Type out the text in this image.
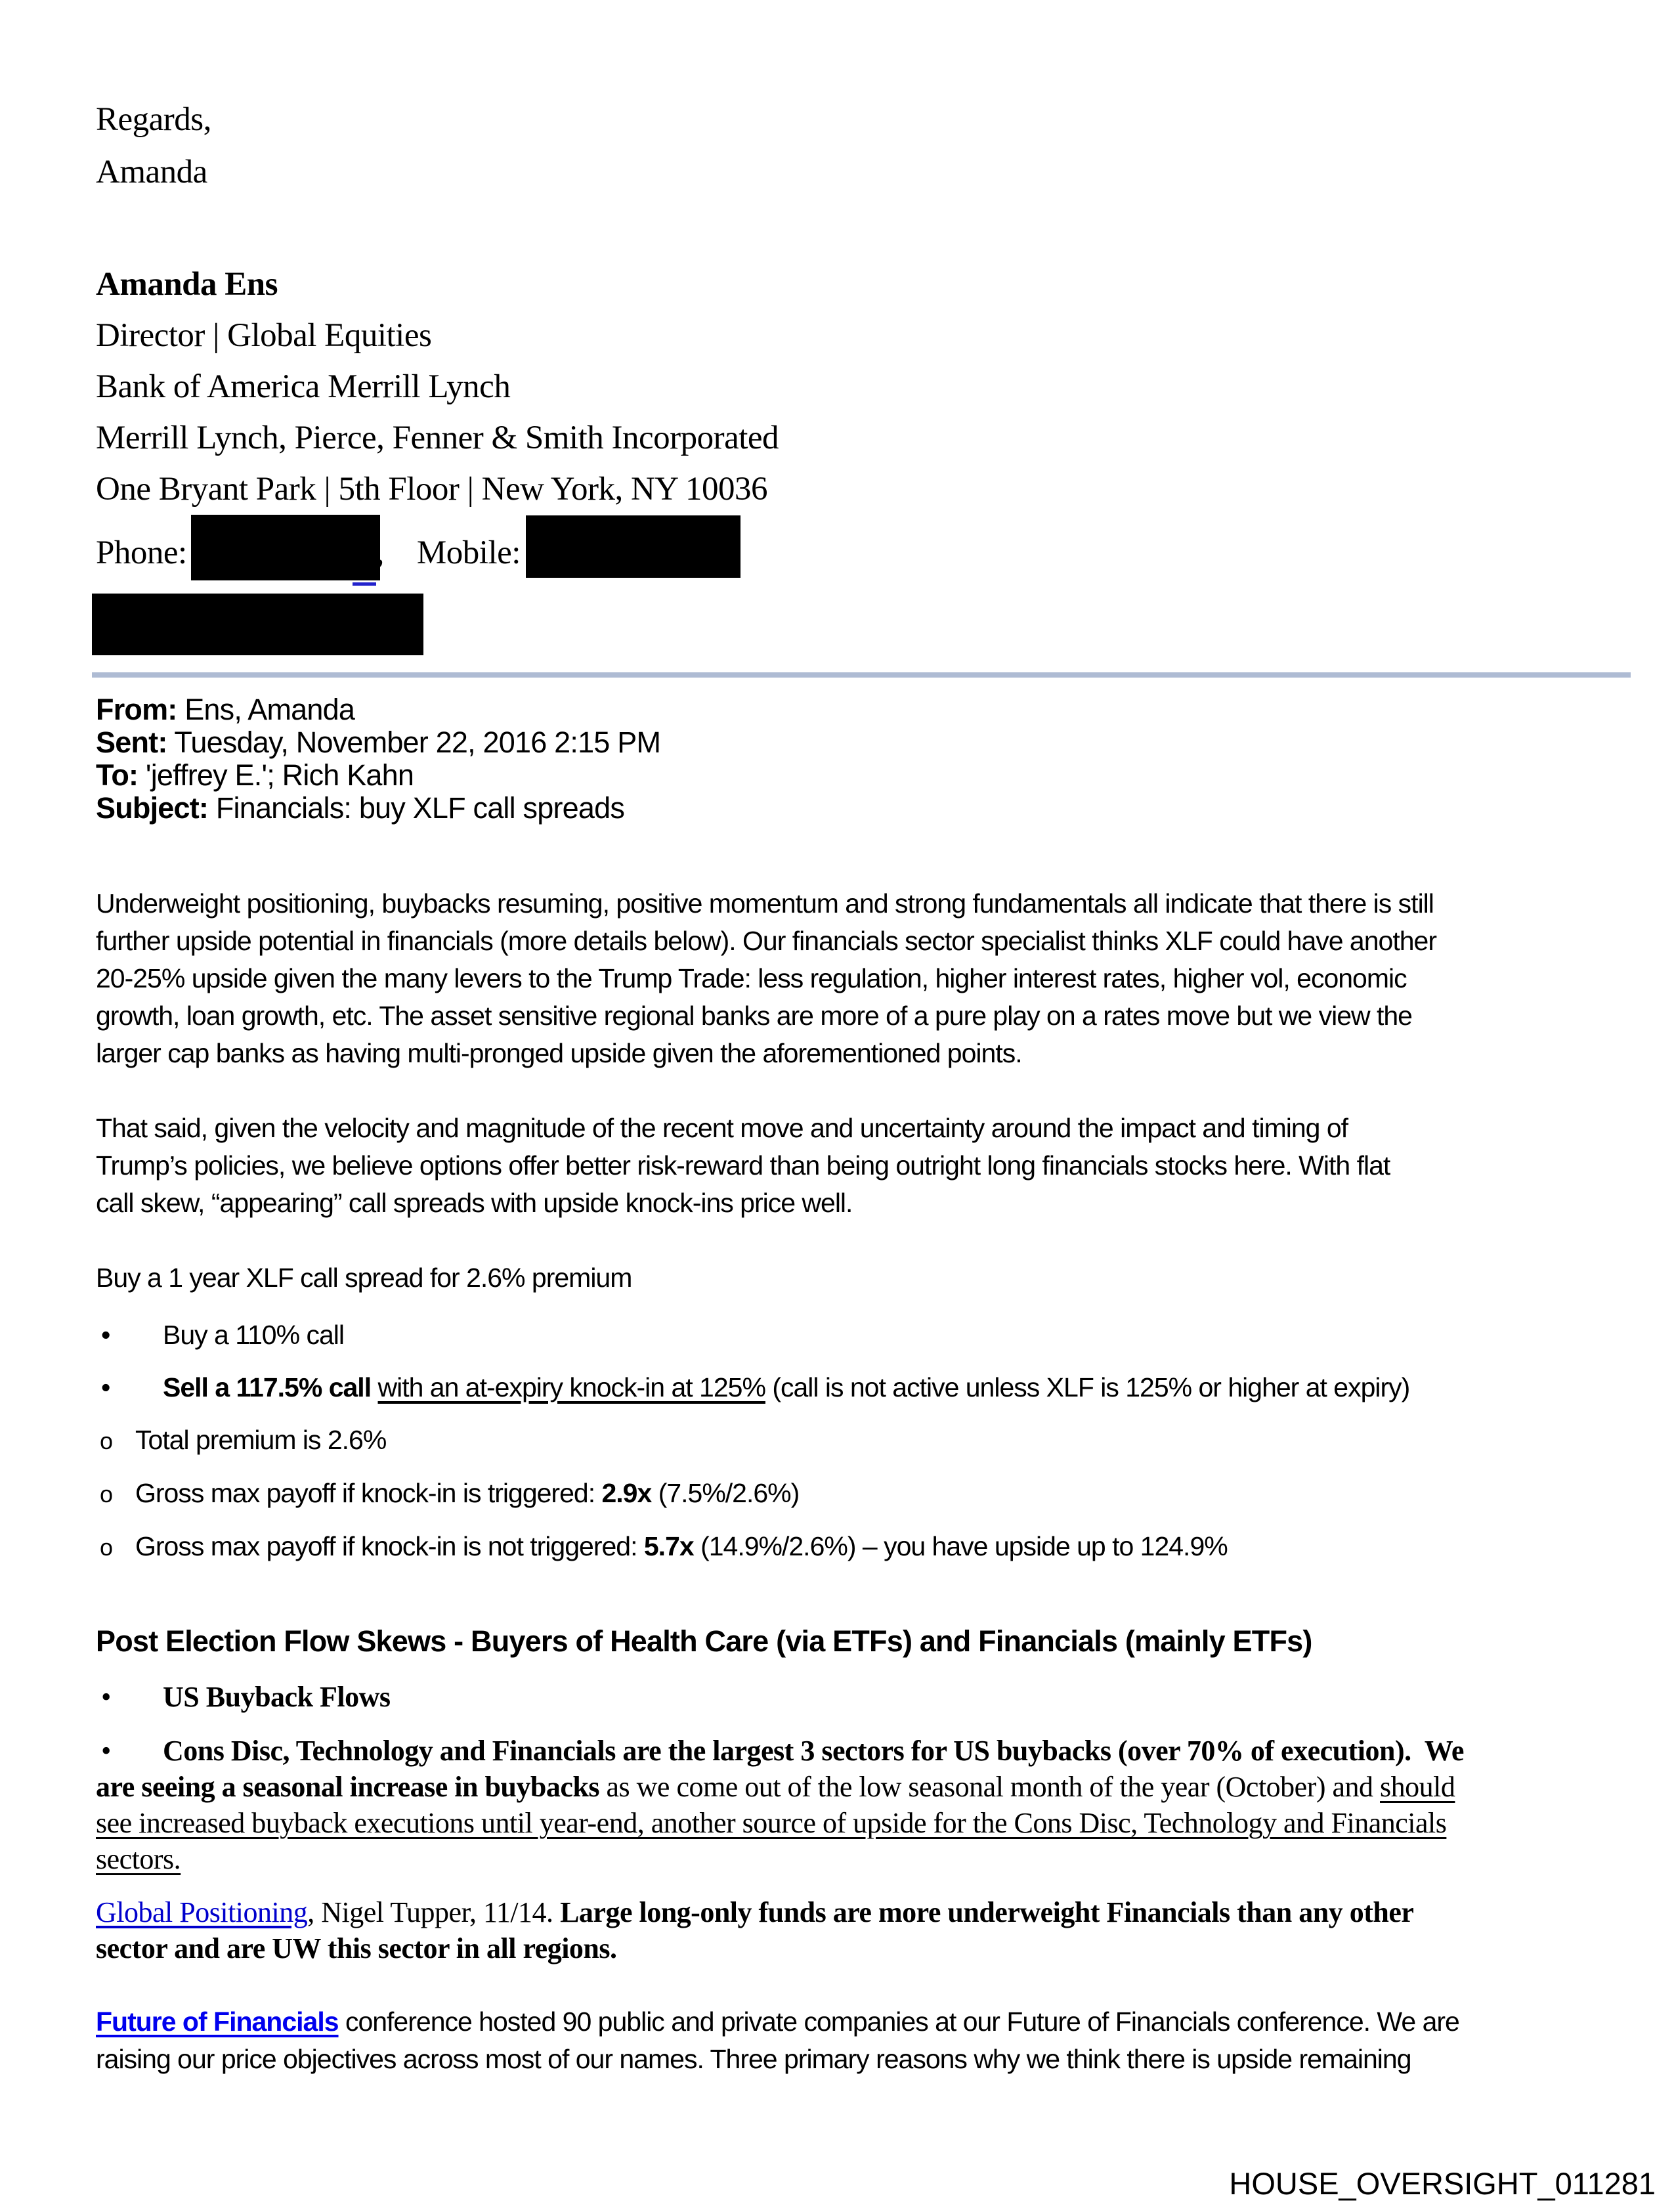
Regards,
Amanda
Amanda Ens
Director | Global Equities
Bank of America Merrill Lynch
Merrill Lynch, Pierce, Fenner & Smith Incorporated
One Bryant Park | 5th Floor | New York, NY 10036
Phone:	,  Mobile:
From: Ens, Amanda
Sent: Tuesday, November 22, 2016 2:15 PM
To: 'jeffrey E.'; Rich Kahn
Subject: Financials: buy XLF call spreads
Underweight positioning, buybacks resuming, positive momentum and strong fundamentals all indicate that there is still
further upside potential in financials (more details below). Our financials sector specialist thinks XLF could have another
20-25% upside given the many levers to the Trump Trade: less regulation, higher interest rates, higher vol, economic
growth, loan growth, etc. The asset sensitive regional banks are more of a pure play on a rates move but we view the
larger cap banks as having multi-pronged upside given the aforementioned points.
That said, given the velocity and magnitude of the recent move and uncertainty around the impact and timing of
Trump’s policies, we believe options offer better risk-reward than being outright long financials stocks here. With flat
call skew, “appearing” call spreads with upside knock-ins price well.
Buy a 1 year XLF call spread for 2.6% premium
• Buy a 110% call
• Sell a 117.5% call with an at-expiry knock-in at 125% (call is not active unless XLF is 125% or higher at expiry)
o Total premium is 2.6%
o Gross max payoff if knock-in is triggered: 2.9x (7.5%/2.6%)
o Gross max payoff if knock-in is not triggered: 5.7x (14.9%/2.6%) – you have upside up to 124.9%
Post Election Flow Skews - Buyers of Health Care (via ETFs) and Financials (mainly ETFs)
• US Buyback Flows
• Cons Disc, Technology and Financials are the largest 3 sectors for US buybacks (over 70% of execution).  We
are seeing a seasonal increase in buybacks as we come out of the low seasonal month of the year (October) and should
see increased buyback executions until year-end, another source of upside for the Cons Disc, Technology and Financials
sectors.
Global Positioning, Nigel Tupper, 11/14. Large long-only funds are more underweight Financials than any other
sector and are UW this sector in all regions.
Future of Financials conference hosted 90 public and private companies at our Future of Financials conference. We are
raising our price objectives across most of our names. Three primary reasons why we think there is upside remaining
HOUSE_OVERSIGHT_011281
